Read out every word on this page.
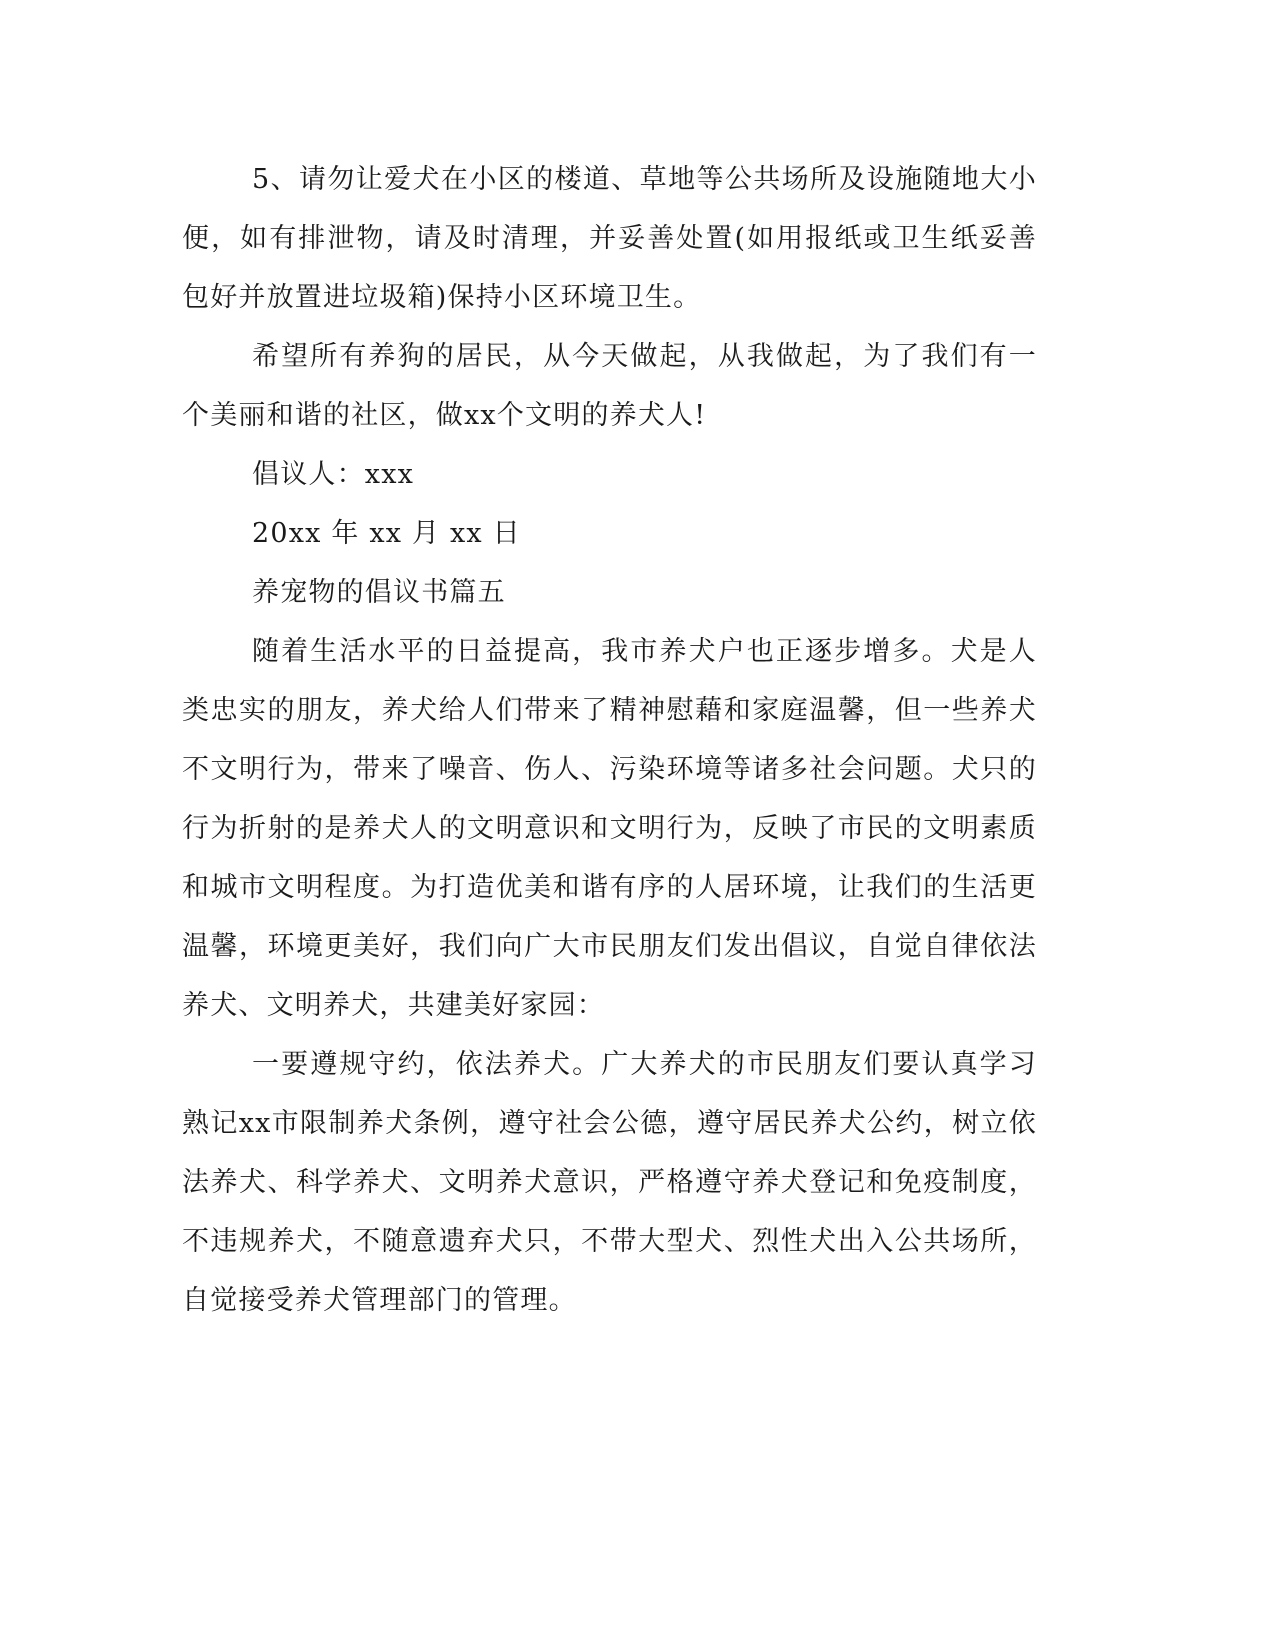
5、请勿让爱犬在小区的楼道、草地等公共场所及设施随地大小便，如有排泄物，请及时清理，并妥善处置(如用报纸或卫生纸妥善包好并放置进垃圾箱)保持小区环境卫生。

希望所有养狗的居民，从今天做起，从我做起，为了我们有一个美丽和谐的社区，做xx个文明的养犬人!

倡议人：xxx

20xx 年 xx 月 xx 日

养宠物的倡议书篇五

随着生活水平的日益提高，我市养犬户也正逐步增多。犬是人类忠实的朋友，养犬给人们带来了精神慰藉和家庭温馨，但一些养犬不文明行为，带来了噪音、伤人、污染环境等诸多社会问题。犬只的行为折射的是养犬人的文明意识和文明行为，反映了市民的文明素质和城市文明程度。为打造优美和谐有序的人居环境，让我们的生活更温馨，环境更美好，我们向广大市民朋友们发出倡议，自觉自律依法养犬、文明养犬，共建美好家园：

一要遵规守约，依法养犬。广大养犬的市民朋友们要认真学习熟记xx市限制养犬条例，遵守社会公德，遵守居民养犬公约，树立依法养犬、科学养犬、文明养犬意识，严格遵守养犬登记和免疫制度，不违规养犬，不随意遗弃犬只，不带大型犬、烈性犬出入公共场所，自觉接受养犬管理部门的管理。
